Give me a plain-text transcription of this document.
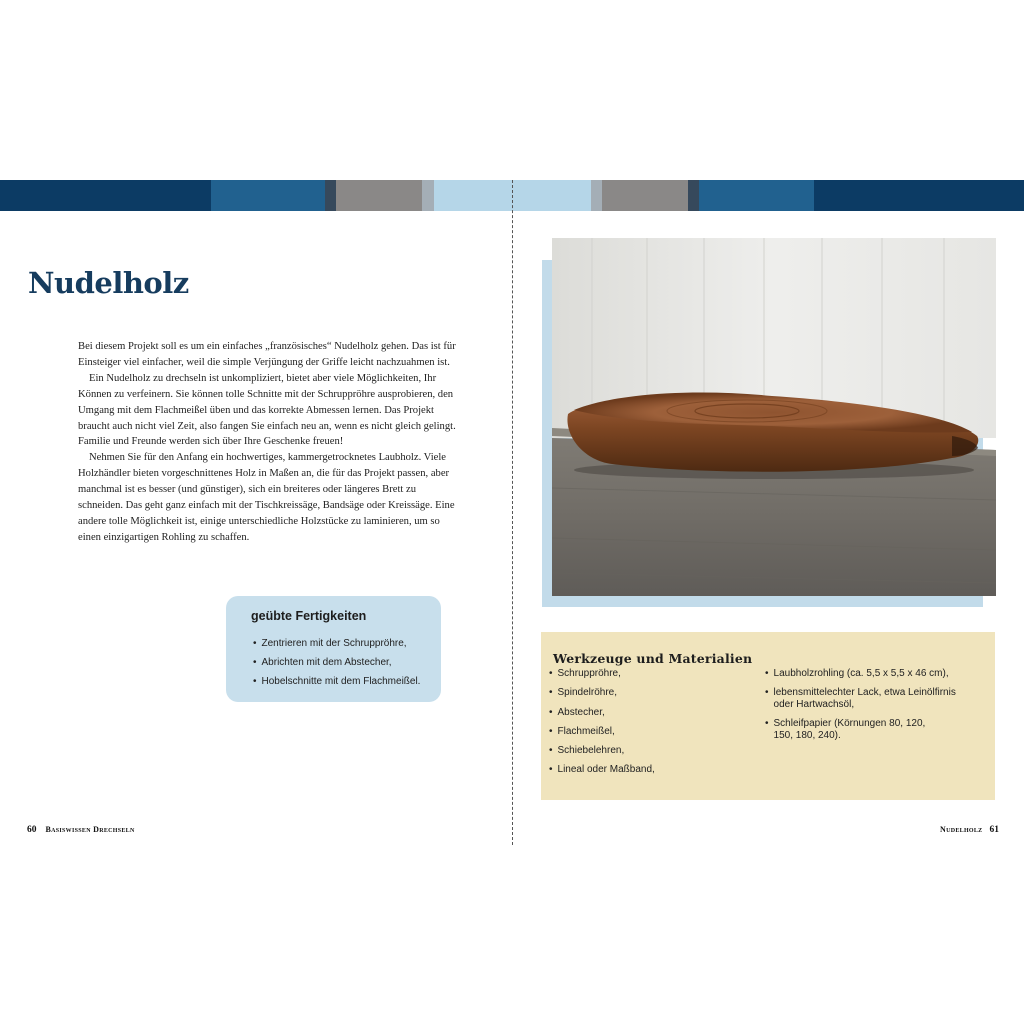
Nudelholz

Bei diesem Projekt soll es um ein einfaches „französisches“ Nudelholz gehen. Das ist für Einsteiger viel einfacher, weil die simple Verjüngung der Griffe leicht nachzuahmen ist.

Ein Nudelholz zu drechseln ist unkompliziert, bietet aber viele Möglichkeiten, Ihr Können zu verfeinern. Sie können tolle Schnitte mit der Schruppröhre ausprobieren, den Umgang mit dem Flachmeißel üben und das korrekte Abmessen lernen. Das Projekt braucht auch nicht viel Zeit, also fangen Sie einfach neu an, wenn es nicht gleich gelingt. Familie und Freunde werden sich über Ihre Geschenke freuen!

Nehmen Sie für den Anfang ein hochwertiges, kammergetrocknetes Laubholz. Viele Holzhändler bieten vorgeschnittenes Holz in Maßen an, die für das Projekt passen, aber manchmal ist es besser (und günstiger), sich ein breiteres oder längeres Brett zu schneiden. Das geht ganz einfach mit der Tischkreissäge, Bandsäge oder Kreissäge. Eine andere tolle Möglichkeit ist, einige unterschiedliche Holzstücke zu laminieren, um so einen einzigartigen Rohling zu schaffen.

geübte Fertigkeiten
• Zentrieren mit der Schruppröhre,
• Abrichten mit dem Abstecher,
• Hobelschnitte mit dem Flachmeißel.
60 Basiswissen Drechseln
Werkzeuge und Materialien
• Schruppröhre,
• Spindelröhre,
• Abstecher,
• Flachmeißel,
• Schiebelehren,
• Lineal oder Maßband,
• Laubholzrohling (ca. 5,5 x 5,5 x 46 cm),
• lebensmittelechter Lack, etwa Leinölfirnis oder Hartwachsöl,
• Schleifpapier (Körnungen 80, 120, 150, 180, 240).
Nudelholz 61
